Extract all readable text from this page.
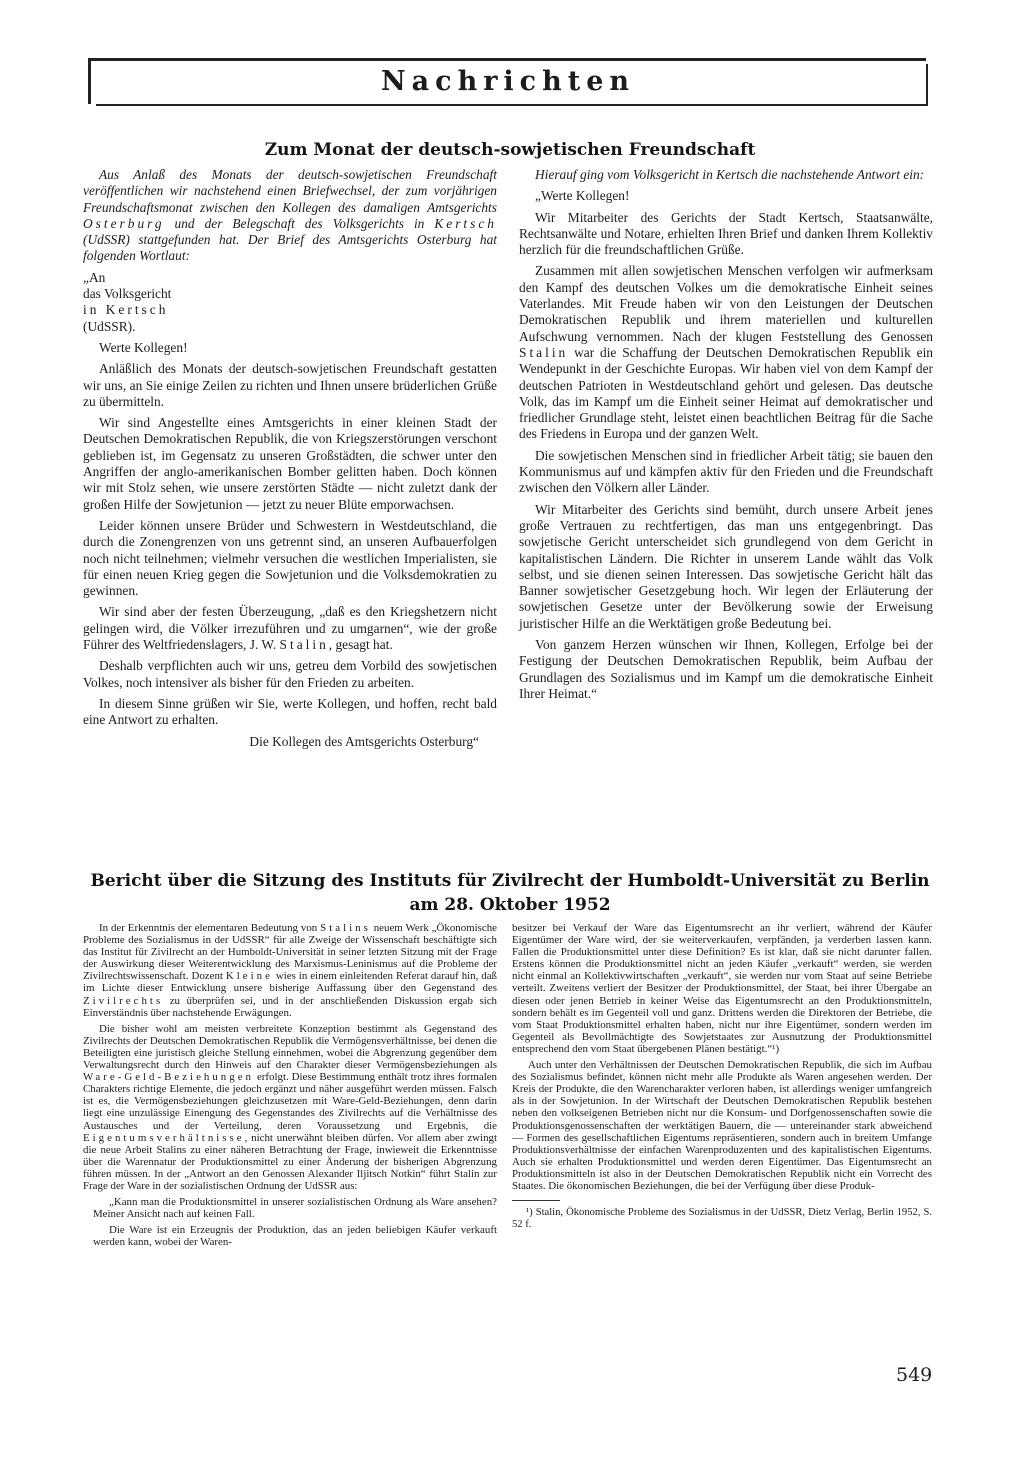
Nachrichten
Zum Monat der deutsch-sowjetischen Freundschaft

Aus Anlaß des Monats der deutsch-sowjetischen Freundschaft veröffentlichen wir nachstehend einen Briefwechsel, der zum vorjährigen Freundschaftsmonat zwischen den Kollegen des damaligen Amtsgerichts Osterburg und der Belegschaft des Volksgerichts in Kertsch (UdSSR) stattgefunden hat. Der Brief des Amtsgerichts Osterburg hat folgenden Wortlaut:

„An
das Volksgericht
in Kertsch
(UdSSR).

Werte Kollegen!

Anläßlich des Monats der deutsch-sowjetischen Freundschaft gestatten wir uns, an Sie einige Zeilen zu richten und Ihnen unsere brüderlichen Grüße zu übermitteln.

Wir sind Angestellte eines Amtsgerichts in einer kleinen Stadt der Deutschen Demokratischen Republik, die von Kriegszerstörungen verschont geblieben ist, im Gegensatz zu unseren Großstädten, die schwer unter den Angriffen der anglo-amerikanischen Bomber gelitten haben. Doch können wir mit Stolz sehen, wie unsere zerstörten Städte — nicht zuletzt dank der großen Hilfe der Sowjetunion — jetzt zu neuer Blüte emporwachsen.

Leider können unsere Brüder und Schwestern in Westdeutschland, die durch die Zonengrenzen von uns getrennt sind, an unseren Aufbauerfolgen noch nicht teilnehmen; vielmehr versuchen die westlichen Imperialisten, sie für einen neuen Krieg gegen die Sowjetunion und die Volksdemokratien zu gewinnen.

Wir sind aber der festen Überzeugung, „daß es den Kriegshetzern nicht gelingen wird, die Völker irrezuführen und zu umgarnen“, wie der große Führer des Weltfriedenslagers, J. W. Stalin, gesagt hat.

Deshalb verpflichten auch wir uns, getreu dem Vorbild des sowjetischen Volkes, noch intensiver als bisher für den Frieden zu arbeiten.

In diesem Sinne grüßen wir Sie, werte Kollegen, und hoffen, recht bald eine Antwort zu erhalten.

Die Kollegen des Amtsgerichts Osterburg“

Hierauf ging vom Volksgericht in Kertsch die nachstehende Antwort ein:

„Werte Kollegen!

Wir Mitarbeiter des Gerichts der Stadt Kertsch, Staatsanwälte, Rechtsanwälte und Notare, erhielten Ihren Brief und danken Ihrem Kollektiv herzlich für die freundschaftlichen Grüße.

Zusammen mit allen sowjetischen Menschen verfolgen wir aufmerksam den Kampf des deutschen Volkes um die demokratische Einheit seines Vaterlandes. Mit Freude haben wir von den Leistungen der Deutschen Demokratischen Republik und ihrem materiellen und kulturellen Aufschwung vernommen. Nach der klugen Feststellung des Genossen Stalin war die Schaffung der Deutschen Demokratischen Republik ein Wendepunkt in der Geschichte Europas. Wir haben viel von dem Kampf der deutschen Patrioten in Westdeutschland gehört und gelesen. Das deutsche Volk, das im Kampf um die Einheit seiner Heimat auf demokratischer und friedlicher Grundlage steht, leistet einen beachtlichen Beitrag für die Sache des Friedens in Europa und der ganzen Welt.

Die sowjetischen Menschen sind in friedlicher Arbeit tätig; sie bauen den Kommunismus auf und kämpfen aktiv für den Frieden und die Freundschaft zwischen den Völkern aller Länder.

Wir Mitarbeiter des Gerichts sind bemüht, durch unsere Arbeit jenes große Vertrauen zu rechtfertigen, das man uns entgegenbringt. Das sowjetische Gericht unterscheidet sich grundlegend von dem Gericht in kapitalistischen Ländern. Die Richter in unserem Lande wählt das Volk selbst, und sie dienen seinen Interessen. Das sowjetische Gericht hält das Banner sowjetischer Gesetzgebung hoch. Wir legen der Erläuterung der sowjetischen Gesetze unter der Bevölkerung sowie der Erweisung juristischer Hilfe an die Werktätigen große Bedeutung bei.

Von ganzem Herzen wünschen wir Ihnen, Kollegen, Erfolge bei der Festigung der Deutschen Demokratischen Republik, beim Aufbau der Grundlagen des Sozialismus und im Kampf um die demokratische Einheit Ihrer Heimat.“

Bericht über die Sitzung des Instituts für Zivilrecht der Humboldt-Universität zu Berlin
am 28. Oktober 1952

In der Erkenntnis der elementaren Bedeutung von Stalins neuem Werk „Ökonomische Probleme des Sozialismus in der UdSSR“ für alle Zweige der Wissenschaft beschäftigte sich das Institut für Zivilrecht an der Humboldt-Universität in seiner letzten Sitzung mit der Frage der Auswirkung dieser Weiterentwicklung des Marxismus-Leninismus auf die Probleme der Zivilrechtswissenschaft. Dozent Kleine wies in einem einleitenden Referat darauf hin, daß im Lichte dieser Entwicklung unsere bisherige Auffassung über den Gegenstand des Zivilrechts zu überprüfen sei, und in der anschließenden Diskussion ergab sich Einverständnis über nachstehende Erwägungen.

Die bisher wohl am meisten verbreitete Konzeption bestimmt als Gegenstand des Zivilrechts der Deutschen Demokratischen Republik die Vermögensverhältnisse, bei denen die Beteiligten eine juristisch gleiche Stellung einnehmen, wobei die Abgrenzung gegenüber dem Verwaltungsrecht durch den Hinweis auf den Charakter dieser Vermögensbeziehungen als Ware-Geld-Beziehungen erfolgt. Diese Bestimmung enthält trotz ihres formalen Charakters richtige Elemente, die jedoch ergänzt und näher ausgeführt werden müssen. Falsch ist es, die Vermögensbeziehungen gleichzusetzen mit Ware-Geld-Beziehungen, denn darin liegt eine unzulässige Einengung des Gegenstandes des Zivilrechts auf die Verhältnisse des Austausches und der Verteilung, deren Voraussetzung und Ergebnis, die Eigentumsverhältnisse, nicht unerwähnt bleiben dürfen. Vor allem aber zwingt die neue Arbeit Stalins zu einer näheren Betrachtung der Frage, inwieweit die Erkenntnisse über die Warennatur der Produktionsmittel zu einer Änderung der bisherigen Abgrenzung führen müssen. In der „Antwort an den Genossen Alexander Iljitsch Notkin“ führt Stalin zur Frage der Ware in der sozialistischen Ordnung der UdSSR aus:

„Kann man die Produktionsmittel in unserer sozialistischen Ordnung als Ware ansehen? Meiner Ansicht nach auf keinen Fall.

Die Ware ist ein Erzeugnis der Produktion, das an jeden beliebigen Käufer verkauft werden kann, wobei der Waren-

besitzer bei Verkauf der Ware das Eigentumsrecht an ihr verliert, während der Käufer Eigentümer der Ware wird, der sie weiterverkaufen, verpfänden, ja verderben lassen kann. Fallen die Produktionsmittel unter diese Definition? Es ist klar, daß sie nicht darunter fallen. Erstens können die Produktionsmittel nicht an jeden Käufer „verkauft“ werden, sie werden nicht einmal an Kollektivwirtschaften „verkauft“, sie werden nur vom Staat auf seine Betriebe verteilt. Zweitens verliert der Besitzer der Produktionsmittel, der Staat, bei ihrer Übergabe an diesen oder jenen Betrieb in keiner Weise das Eigentumsrecht an den Produktionsmitteln, sondern behält es im Gegenteil voll und ganz. Drittens werden die Direktoren der Betriebe, die vom Staat Produktionsmittel erhalten haben, nicht nur ihre Eigentümer, sondern werden im Gegenteil als Bevollmächtigte des Sowjetstaates zur Ausnutzung der Produktionsmittel entsprechend den vom Staat übergebenen Plänen bestätigt.“¹)

Auch unter den Verhältnissen der Deutschen Demokratischen Republik, die sich im Aufbau des Sozialismus befindet, können nicht mehr alle Produkte als Waren angesehen werden. Der Kreis der Produkte, die den Warencharakter verloren haben, ist allerdings weniger umfangreich als in der Sowjetunion. In der Wirtschaft der Deutschen Demokratischen Republik bestehen neben den volkseigenen Betrieben nicht nur die Konsum- und Dorfgenossenschaften sowie die Produktionsgenossenschaften der werktätigen Bauern, die — untereinander stark abweichend — Formen des gesellschaftlichen Eigentums repräsentieren, sondern auch in breitem Umfange Produktionsverhältnisse der einfachen Warenproduzenten und des kapitalistischen Eigentums. Auch sie erhalten Produktionsmittel und werden deren Eigentümer. Das Eigentumsrecht an Produktionsmitteln ist also in der Deutschen Demokratischen Republik nicht ein Vorrecht des Staates. Die ökonomischen Beziehungen, die bei der Verfügung über diese Produk-

¹) Stalin, Ökonomische Probleme des Sozialismus in der UdSSR, Dietz Verlag, Berlin 1952, S. 52 f.

549
